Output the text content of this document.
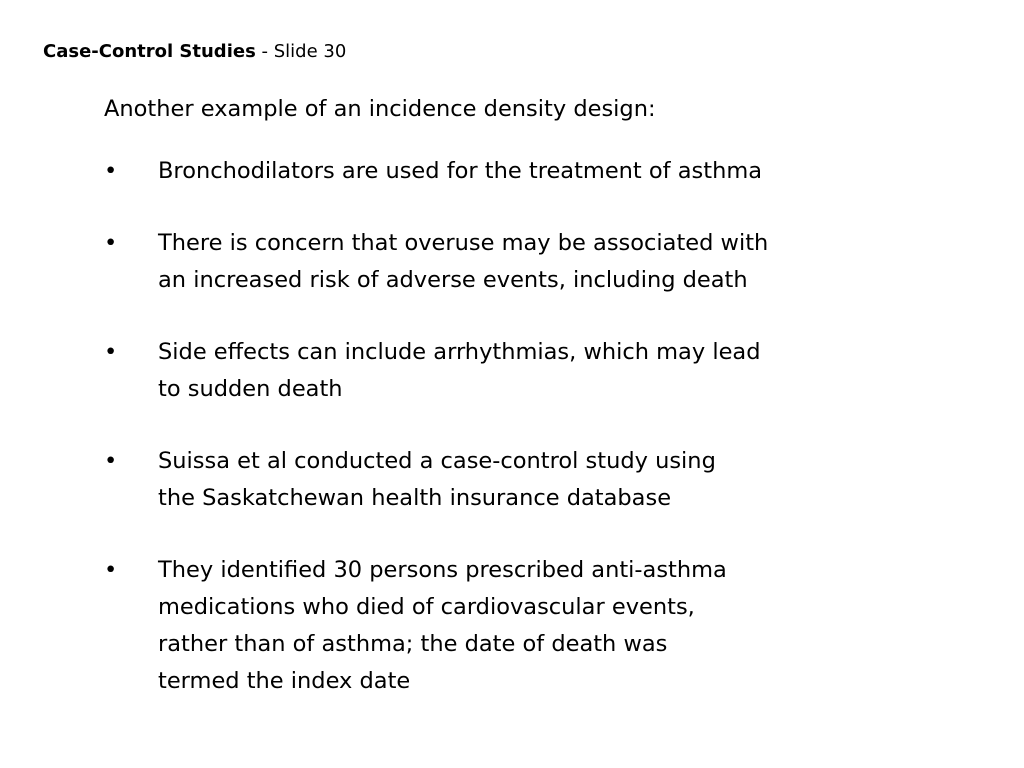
Case-Control Studies - Slide 30
Another example of an incidence density design:
•	Bronchodilators are used for the treatment of asthma
•	There is concern that overuse may be associated with
an increased risk of adverse events, including death
•	Side effects can include arrhythmias, which may lead
to sudden death
•	Suissa et al conducted a case-control study using
the Saskatchewan health insurance database
•	They identified 30 persons prescribed anti-asthma
medications who died of cardiovascular events,
rather than of asthma; the date of death was
termed the index date
